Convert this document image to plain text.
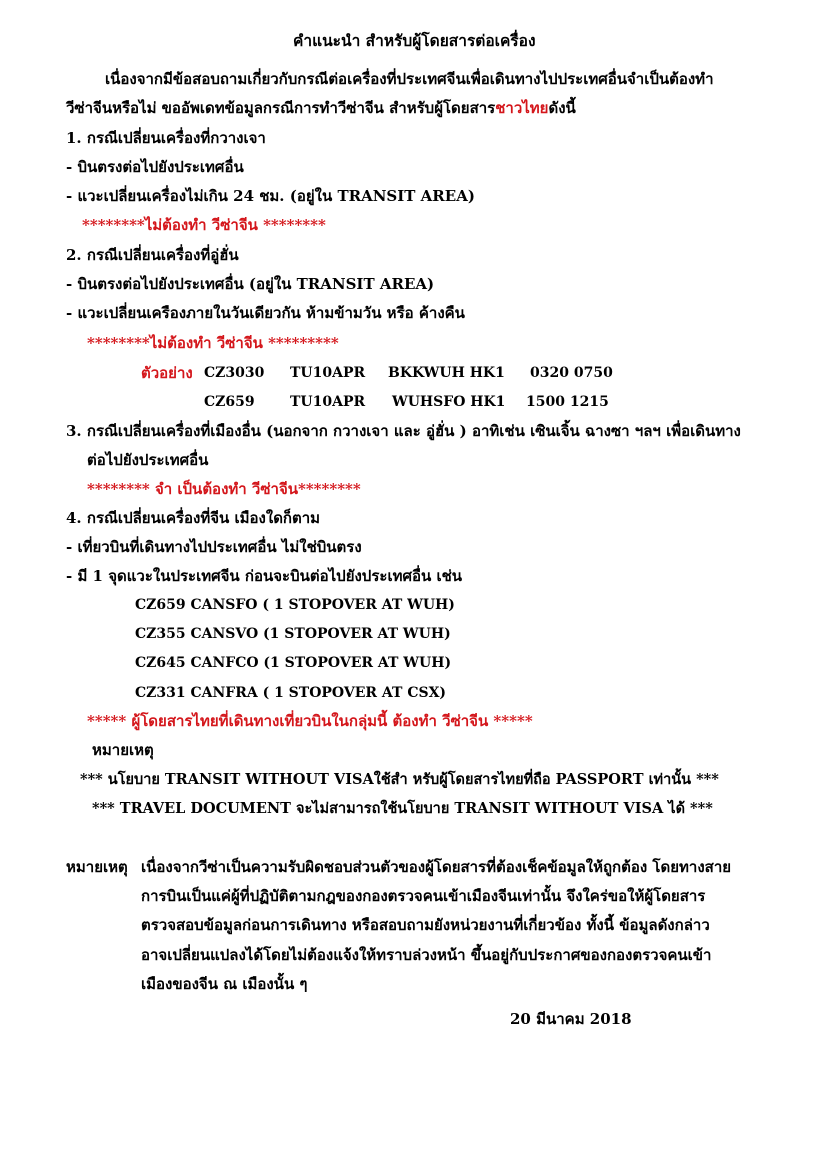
คำแนะนำ สำหรับผู้โดยสารต่อเครื่อง
เนื่องจากมีข้อสอบถามเกี่ยวกับกรณีต่อเครื่องที่ประเทศจีนเพื่อเดินทางไปประเทศอื่นจำเป็นต้องทำ
วีซ่าจีนหรือไม่ ขออัพเดทข้อมูลกรณีการทำวีซ่าจีน สำหรับผู้โดยสารชาวไทยดังนี้
1. กรณีเปลี่ยนเครื่องที่กวางเจา
- บินตรงต่อไปยังประเทศอื่น
- แวะเปลี่ยนเครื่องไม่เกิน 24 ชม. (อยู่ใน TRANSIT AREA)
********ไม่ต้องทำ วีซ่าจีน ********
2. กรณีเปลี่ยนเครื่องที่อู่ฮั่น
- บินตรงต่อไปยังประเทศอื่น (อยู่ใน TRANSIT AREA)
- แวะเปลี่ยนเครืองภายในวันเดียวกัน ห้ามข้ามวัน หรือ ค้างคืน
********ไม่ต้องทำ วีซ่าจีน *********
ตัวอย่าง CZ3030 TU10APR BKKWUH HK1 0320 0750
CZ659	TU10APR WUHSFO HK1 1500 1215
3. กรณีเปลี่ยนเครื่องที่เมืองอื่น (นอกจาก กวางเจา และ อู่ฮั่น ) อาทิเช่น เซินเจิ้น ฉางซา ฯลฯ เพื่อเดินทาง
ต่อไปยังประเทศอื่น
******** จำ เป็นต้องทำ วีซ่าจีน********
4. กรณีเปลี่ยนเครื่องที่จีน เมืองใดก็ตาม
- เที่ยวบินที่เดินทางไปประเทศอื่น ไม่ใช่บินตรง
- มี 1 จุดแวะในประเทศจีน ก่อนจะบินต่อไปยังประเทศอื่น เช่น
CZ659 CANSFO ( 1 STOPOVER AT WUH)
CZ355 CANSVO (1 STOPOVER AT WUH)
CZ645 CANFCO (1 STOPOVER AT WUH)
CZ331 CANFRA ( 1 STOPOVER AT CSX)
***** ผู้โดยสารไทยที่เดินทางเที่ยวบินในกลุ่มนี้ ต้องทำ วีซ่าจีน *****
หมายเหตุ
*** นโยบาย TRANSIT WITHOUT VISAใช้สำ หรับผู้โดยสารไทยที่ถือ PASSPORT เท่านั้น ***
*** TRAVEL DOCUMENT จะไม่สามารถใช้นโยบาย TRANSIT WITHOUT VISA ได้ ***
หมายเหตุ เนื่องจากวีซ่าเป็นความรับผิดชอบส่วนตัวของผู้โดยสารที่ต้องเช็คข้อมูลให้ถูกต้อง โดยทางสาย
การบินเป็นแค่ผู้ที่ปฏิบัติตามกฎของกองตรวจคนเข้าเมืองจีนเท่านั้น จึงใคร่ขอให้ผู้โดยสาร
ตรวจสอบข้อมูลก่อนการเดินทาง หรือสอบถามยังหน่วยงานที่เกี่ยวข้อง ทั้งนี้ ข้อมูลดังกล่าว
อาจเปลี่ยนแปลงได้โดยไม่ต้องแจ้งให้ทราบล่วงหน้า ขึ้นอยู่กับประกาศของกองตรวจคนเข้า
เมืองของจีน ณ เมืองนั้น ๆ
20 มีนาคม 2018
